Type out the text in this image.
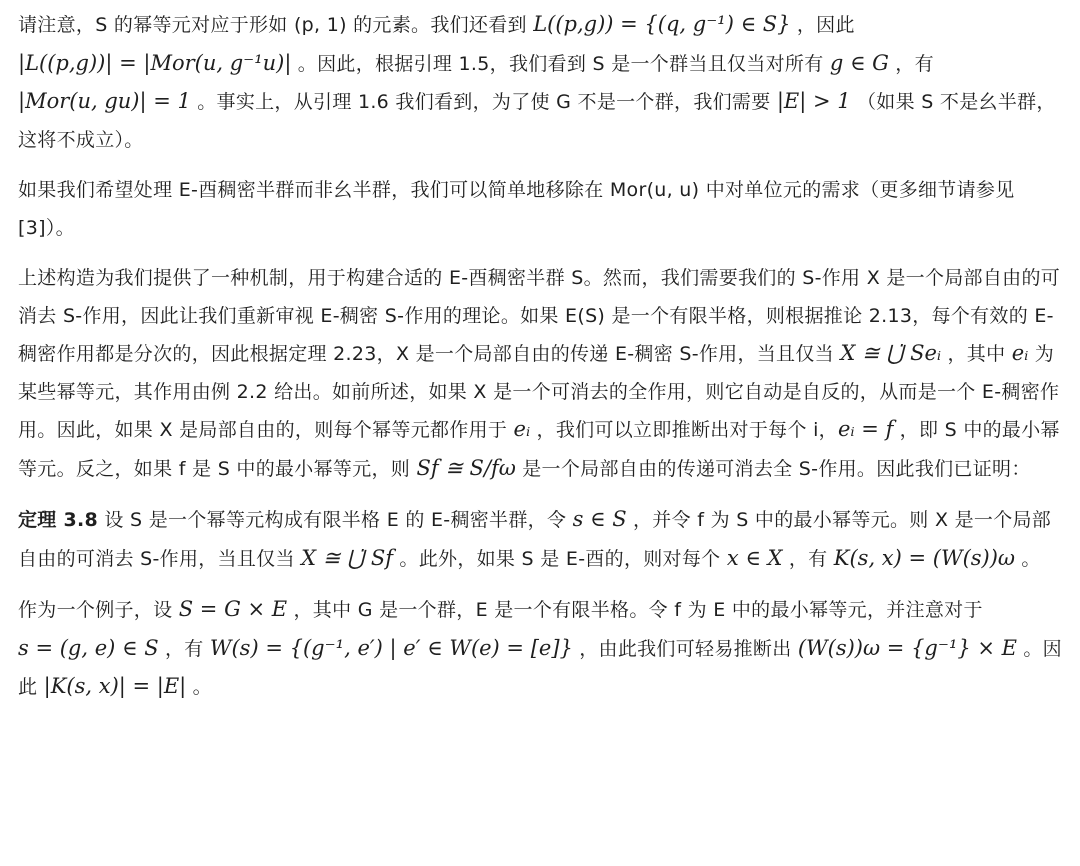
请注意，S 的幂等元对应于形如 (p, 1) 的元素。我们还看到 L((p,g)) = {(q, g⁻¹) ∈ S} ，因此 |L((p,g))| = |Mor(u, g⁻¹u)| 。因此，根据引理 1.5，我们看到 S 是一个群当且仅当对所有 g ∈ G ，有 |Mor(u, gu)| = 1 。事实上，从引理 1.6 我们看到，为了使 G 不是一个群，我们需要 |E| > 1 （如果 S 不是幺半群，这将不成立）。

如果我们希望处理 E-酉稠密半群而非幺半群，我们可以简单地移除在 Mor(u, u) 中对单位元的需求（更多细节请参见 [3]）。

上述构造为我们提供了一种机制，用于构建合适的 E-酉稠密半群 S。然而，我们需要我们的 S-作用 X 是一个局部自由的可消去 S-作用，因此让我们重新审视 E-稠密 S-作用的理论。如果 E(S) 是一个有限半格，则根据推论 2.13，每个有效的 E-稠密作用都是分次的，因此根据定理 2.23，X 是一个局部自由的传递 E-稠密 S-作用，当且仅当 X ≅ ⋃̇ Seᵢ ，其中 eᵢ 为某些幂等元，其作用由例 2.2 给出。如前所述，如果 X 是一个可消去的全作用，则它自动是自反的，从而是一个 E-稠密作用。因此，如果 X 是局部自由的，则每个幂等元都作用于 eᵢ ，我们可以立即推断出对于每个 i，eᵢ = f ，即 S 中的最小幂等元。反之，如果 f 是 S 中的最小幂等元，则 Sf ≅ S/fω 是一个局部自由的传递可消去全 S-作用。因此我们已证明：

定理 3.8 设 S 是一个幂等元构成有限半格 E 的 E-稠密半群，令 s ∈ S ，并令 f 为 S 中的最小幂等元。则 X 是一个局部自由的可消去 S-作用，当且仅当 X ≅ ⋃̇ Sf 。此外，如果 S 是 E-酉的，则对每个 x ∈ X ，有 K(s, x) = (W(s))ω 。

作为一个例子，设 S = G × E ，其中 G 是一个群，E 是一个有限半格。令 f 为 E 中的最小幂等元，并注意对于 s = (g, e) ∈ S ，有 W(s) = {(g⁻¹, e′) | e′ ∈ W(e) = [e]} ，由此我们可轻易推断出 (W(s))ω = {g⁻¹} × E 。因此 |K(s, x)| = |E| 。
